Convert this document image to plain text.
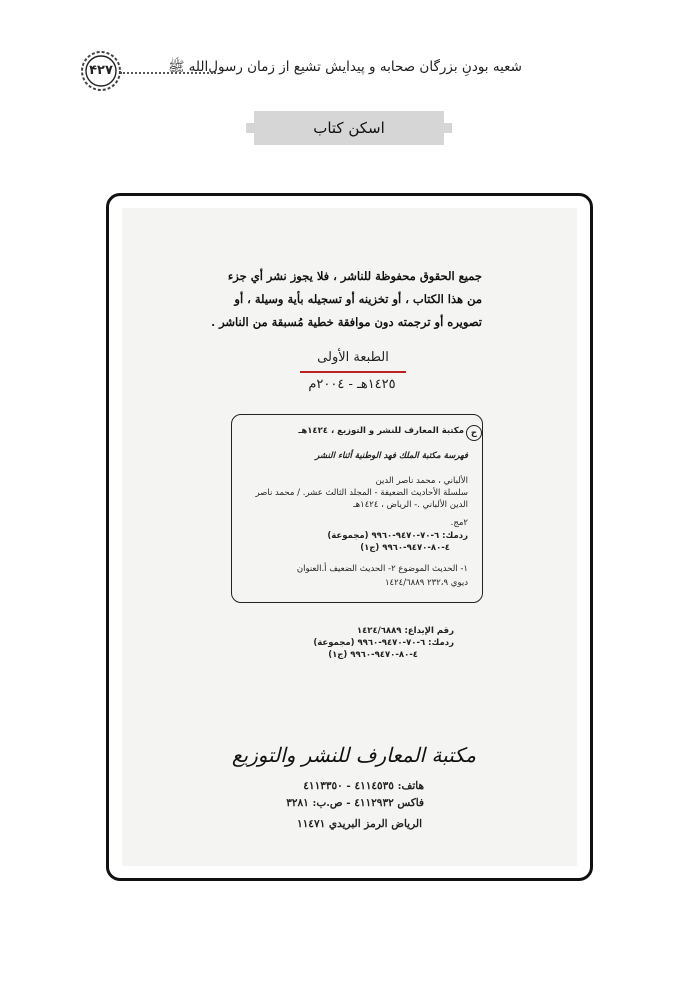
شعیه بودنِ بزرگان صحابه و پیدایش تشیع از زمان رسول‌الله ﷺ
۴۲۷
اسکن کتاب
جميع الحقوق محفوظة للناشر ، فلا يجوز نشر أي جزء
من هذا الكتاب ، أو تخزينه أو تسجيله بأية وسيلة ، أو
تصويره أو ترجمته دون موافقة خطية مُسبقة من الناشر .
الطبعة الأولى
١٤٢٥هـ - ٢٠٠٤م
ح
مكتبة المعارف للنشر و التوزيع ، ١٤٢٤هـ
فهرسة مكتبة الملك فهد الوطنية أثناء النشر
الألباني ، محمد ناصر الدين
سلسلة الأحاديث الضعيفة - المجلد الثالث عشر. / محمد ناصر
الدين الألباني .- الرياض ، ١٤٢٤هـ
٢مج.
ردمك: ٦-٧٠-٩٤٧٠-٩٩٦٠ (مجموعة)
٤-٨٠-٩٤٧٠-٩٩٦٠ (ج١)
١- الحديث الموضوع ٢- الحديث الضعيف أ.العنوان
ديوي ٢٣٢،٩ ١٤٢٤/٦٨٨٩
رقم الإيداع: ١٤٢٤/٦٨٨٩
ردمك: ٦-٧٠-٩٤٧٠-٩٩٦٠ (مجموعة)
٤-٨٠-٩٤٧٠-٩٩٦٠ (ج١)
مكتبة المعارف للنشر والتوزيع
هاتف: ٤١١٤٥٣٥ - ٤١١٣٣٥٠
فاكس ٤١١٢٩٣٢ - ص.ب: ٣٢٨١
الرياض الرمز البريدي ١١٤٧١
